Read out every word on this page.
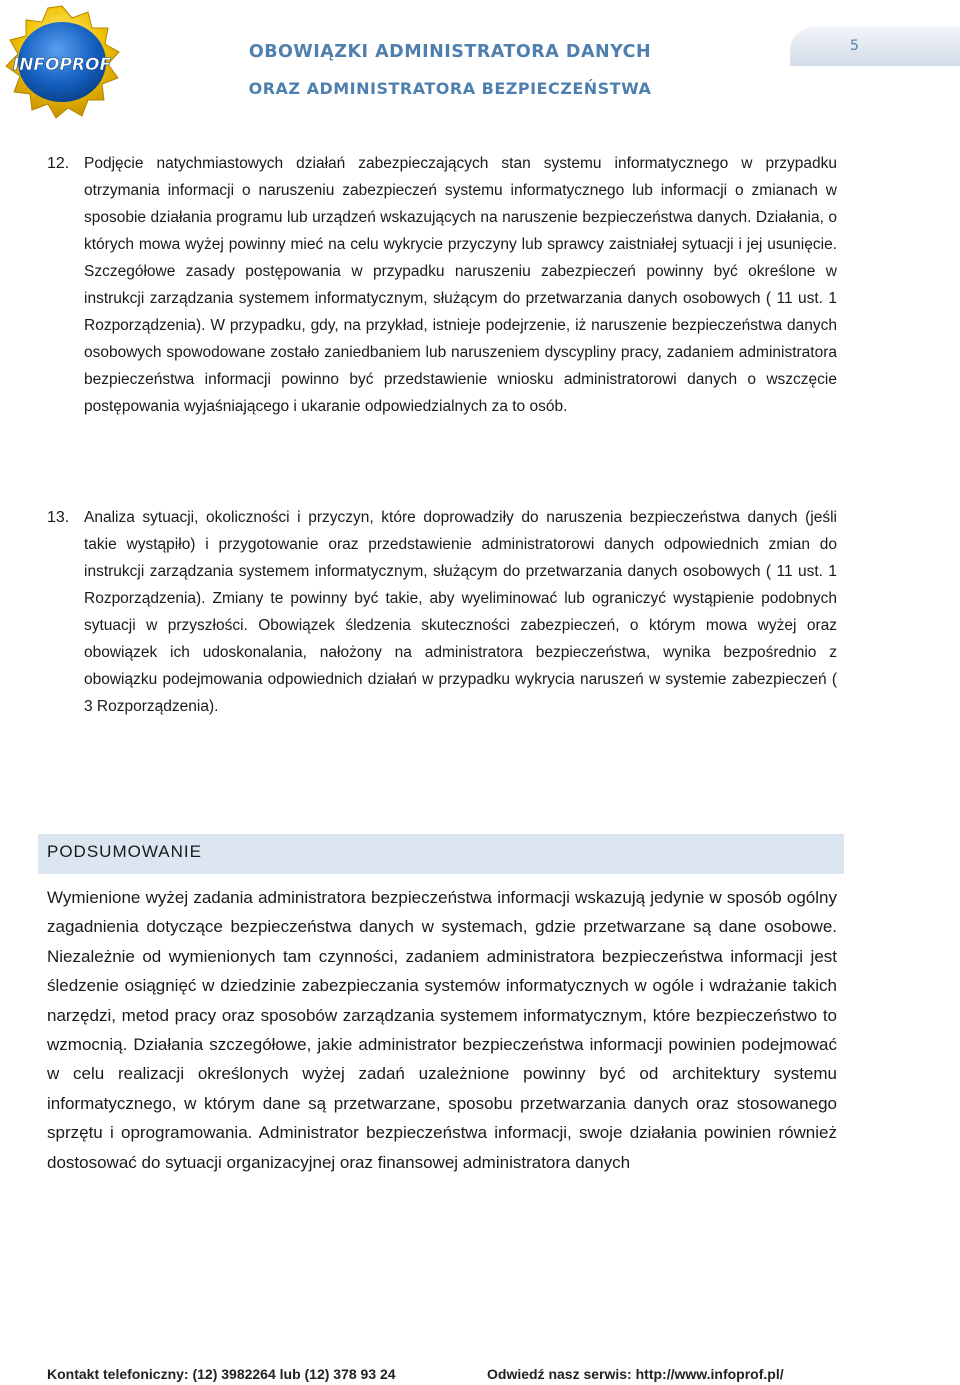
INFOPROF
OBOWIĄZKI ADMINISTRATORA DANYCH
ORAZ ADMINISTRATORA BEZPIECZEŃSTWA
5
12. Podjęcie natychmiastowych działań zabezpieczających stan systemu informatycznego w przypadku otrzymania informacji o naruszeniu zabezpieczeń systemu informatycznego lub informacji o zmianach w sposobie działania programu lub urządzeń wskazujących na naruszenie bezpieczeństwa danych. Działania, o których mowa wyżej powinny mieć na celu wykrycie przyczyny lub sprawcy zaistniałej sytuacji i jej usunięcie. Szczegółowe zasady postępowania w przypadku naruszeniu zabezpieczeń powinny być określone w instrukcji zarządzania systemem informatycznym, służącym do przetwarzania danych osobowych ( 11 ust. 1 Rozporządzenia). W przypadku, gdy, na przykład, istnieje podejrzenie, iż naruszenie bezpieczeństwa danych osobowych spowodowane zostało zaniedbaniem lub naruszeniem dyscypliny pracy, zadaniem administratora bezpieczeństwa informacji powinno być przedstawienie wniosku administratorowi danych o wszczęcie postępowania wyjaśniającego i ukaranie odpowiedzialnych za to osób.
13. Analiza sytuacji, okoliczności i przyczyn, które doprowadziły do naruszenia bezpieczeństwa danych (jeśli takie wystąpiło) i przygotowanie oraz przedstawienie administratorowi danych odpowiednich zmian do instrukcji zarządzania systemem informatycznym, służącym do przetwarzania danych osobowych ( 11 ust. 1 Rozporządzenia). Zmiany te powinny być takie, aby wyeliminować lub ograniczyć wystąpienie podobnych sytuacji w przyszłości. Obowiązek śledzenia skuteczności zabezpieczeń, o którym mowa wyżej oraz obowiązek ich udoskonalania, nałożony na administratora bezpieczeństwa, wynika bezpośrednio z obowiązku podejmowania odpowiednich działań w przypadku wykrycia naruszeń w systemie zabezpieczeń ( 3 Rozporządzenia).
PODSUMOWANIE
Wymienione wyżej zadania administratora bezpieczeństwa informacji wskazują jedynie w sposób ogólny zagadnienia dotyczące bezpieczeństwa danych w systemach, gdzie przetwarzane są dane osobowe. Niezależnie od wymienionych tam czynności, zadaniem administratora bezpieczeństwa informacji jest śledzenie osiągnięć w dziedzinie zabezpieczania systemów informatycznych w ogóle i wdrażanie takich narzędzi, metod pracy oraz sposobów zarządzania systemem informatycznym, które bezpieczeństwo to wzmocnią. Działania szczegółowe, jakie administrator bezpieczeństwa informacji powinien podejmować w celu realizacji określonych wyżej zadań uzależnione powinny być od architektury systemu informatycznego, w którym dane są przetwarzane, sposobu przetwarzania danych oraz stosowanego sprzętu i oprogramowania. Administrator bezpieczeństwa informacji, swoje działania powinien również dostosować do sytuacji organizacyjnej oraz finansowej administratora danych
Kontakt telefoniczny: (12) 3982264 lub (12) 378 93 24	Odwiedź nasz serwis: http://www.infoprof.pl/
